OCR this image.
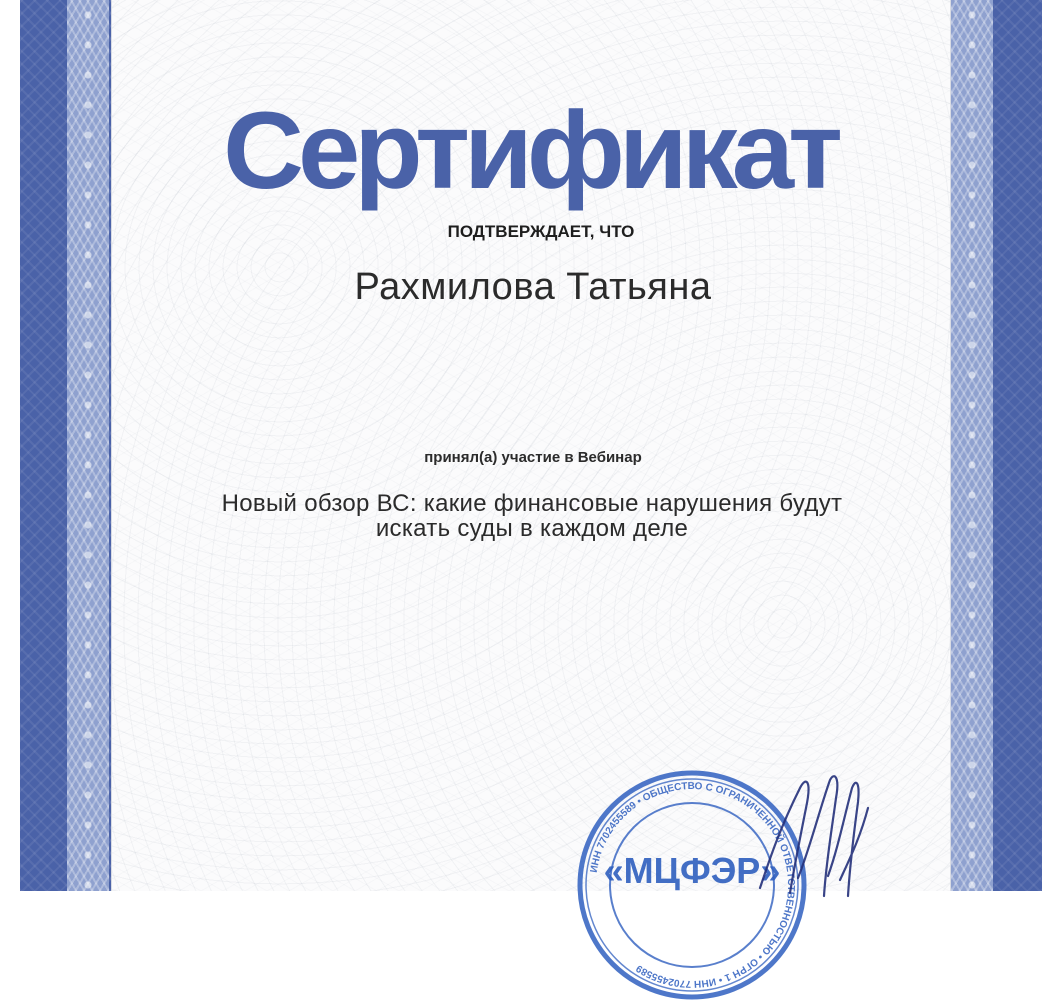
Сертификат
ПОДТВЕРЖДАЕТ, ЧТО
Рахмилова Татьяна
принял(а) участие в Вебинар
Новый обзор ВС: какие финансовые нарушения будут искать суды в каждом деле
ИНН 7702455589 • ОБЩЕСТВО С ОГРАНИЧЕННОЙ ОТВЕТСТВЕННОСТЬЮ • ОГРН 1 • ИНН 7702455589
«МЦФЭР»
